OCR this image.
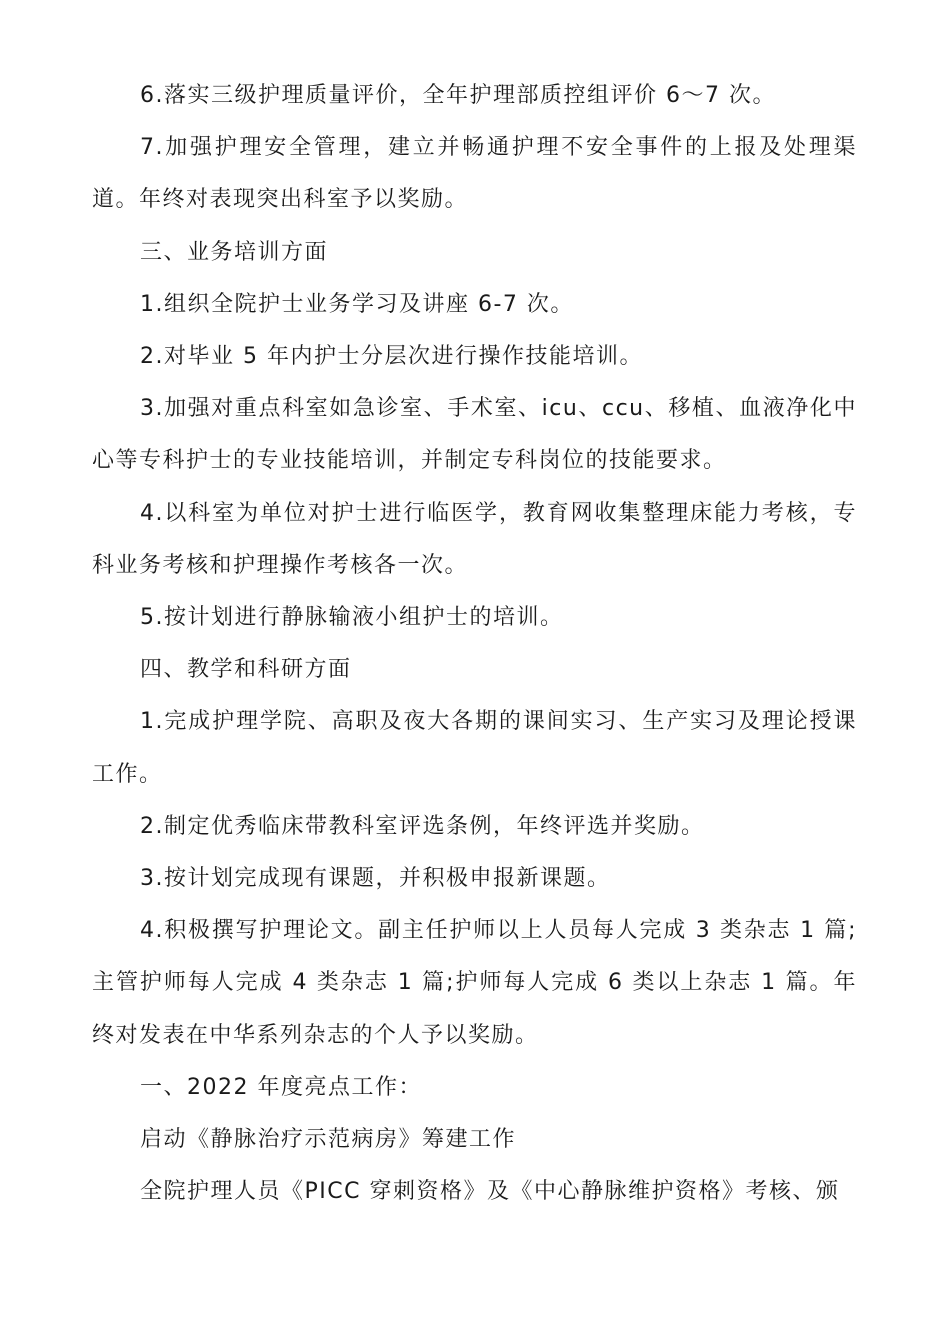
6.落实三级护理质量评价，全年护理部质控组评价 6～7 次。

7.加强护理安全管理，建立并畅通护理不安全事件的上报及处理渠道。年终对表现突出科室予以奖励。

三、业务培训方面

1.组织全院护士业务学习及讲座 6-7 次。

2.对毕业 5 年内护士分层次进行操作技能培训。

3.加强对重点科室如急诊室、手术室、icu、ccu、移植、血液净化中心等专科护士的专业技能培训，并制定专科岗位的技能要求。

4.以科室为单位对护士进行临医学，教育网收集整理床能力考核，专科业务考核和护理操作考核各一次。

5.按计划进行静脉输液小组护士的培训。

四、教学和科研方面

1.完成护理学院、高职及夜大各期的课间实习、生产实习及理论授课工作。

2.制定优秀临床带教科室评选条例，年终评选并奖励。

3.按计划完成现有课题，并积极申报新课题。

4.积极撰写护理论文。副主任护师以上人员每人完成 3 类杂志 1 篇;主管护师每人完成 4 类杂志 1 篇;护师每人完成 6 类以上杂志 1 篇。年终对发表在中华系列杂志的个人予以奖励。

一、2022 年度亮点工作：

启动《静脉治疗示范病房》筹建工作

全院护理人员《PICC 穿刺资格》及《中心静脉维护资格》考核、颁
